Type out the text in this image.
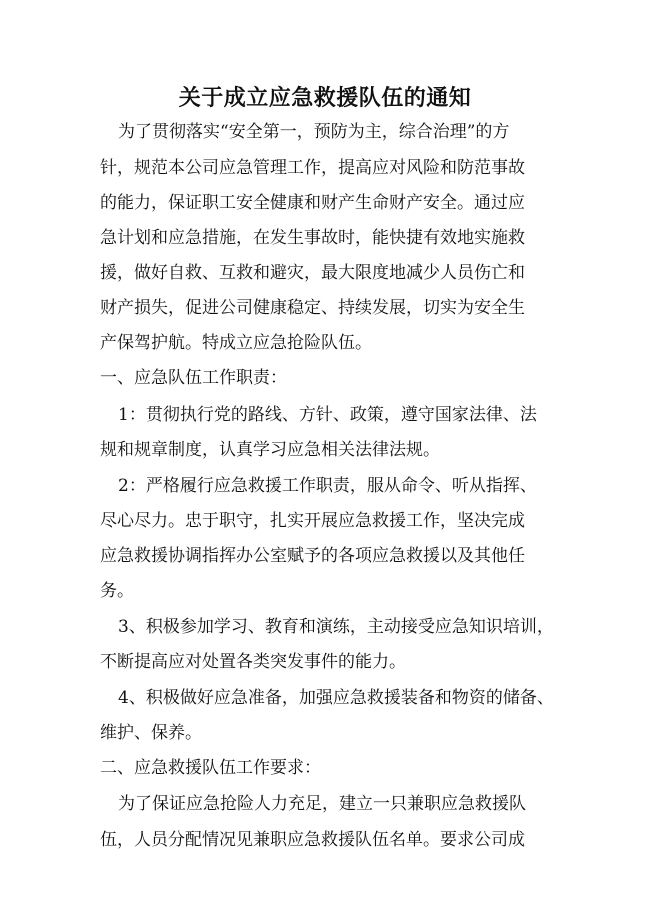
关于成立应急救援队伍的通知

为了贯彻落实“安全第一，预防为主，综合治理”的方

针，规范本公司应急管理工作，提高应对风险和防范事故

的能力，保证职工安全健康和财产生命财产安全。通过应

急计划和应急措施，在发生事故时，能快捷有效地实施救

援，做好自救、互救和避灾，最大限度地减少人员伤亡和

财产损失，促进公司健康稳定、持续发展，切实为安全生

产保驾护航。特成立应急抢险队伍。

一、应急队伍工作职责：

1：贯彻执行党的路线、方针、政策，遵守国家法律、法

规和规章制度，认真学习应急相关法律法规。

2：严格履行应急救援工作职责，服从命令、听从指挥、

尽心尽力。忠于职守，扎实开展应急救援工作，坚决完成

应急救援协调指挥办公室赋予的各项应急救援以及其他任

务。

3、积极参加学习、教育和演练，主动接受应急知识培训，

不断提高应对处置各类突发事件的能力。

4、积极做好应急准备，加强应急救援装备和物资的储备、

维护、保养。

二、应急救援队伍工作要求：

为了保证应急抢险人力充足，建立一只兼职应急救援队

伍，人员分配情况见兼职应急救援队伍名单。要求公司成
